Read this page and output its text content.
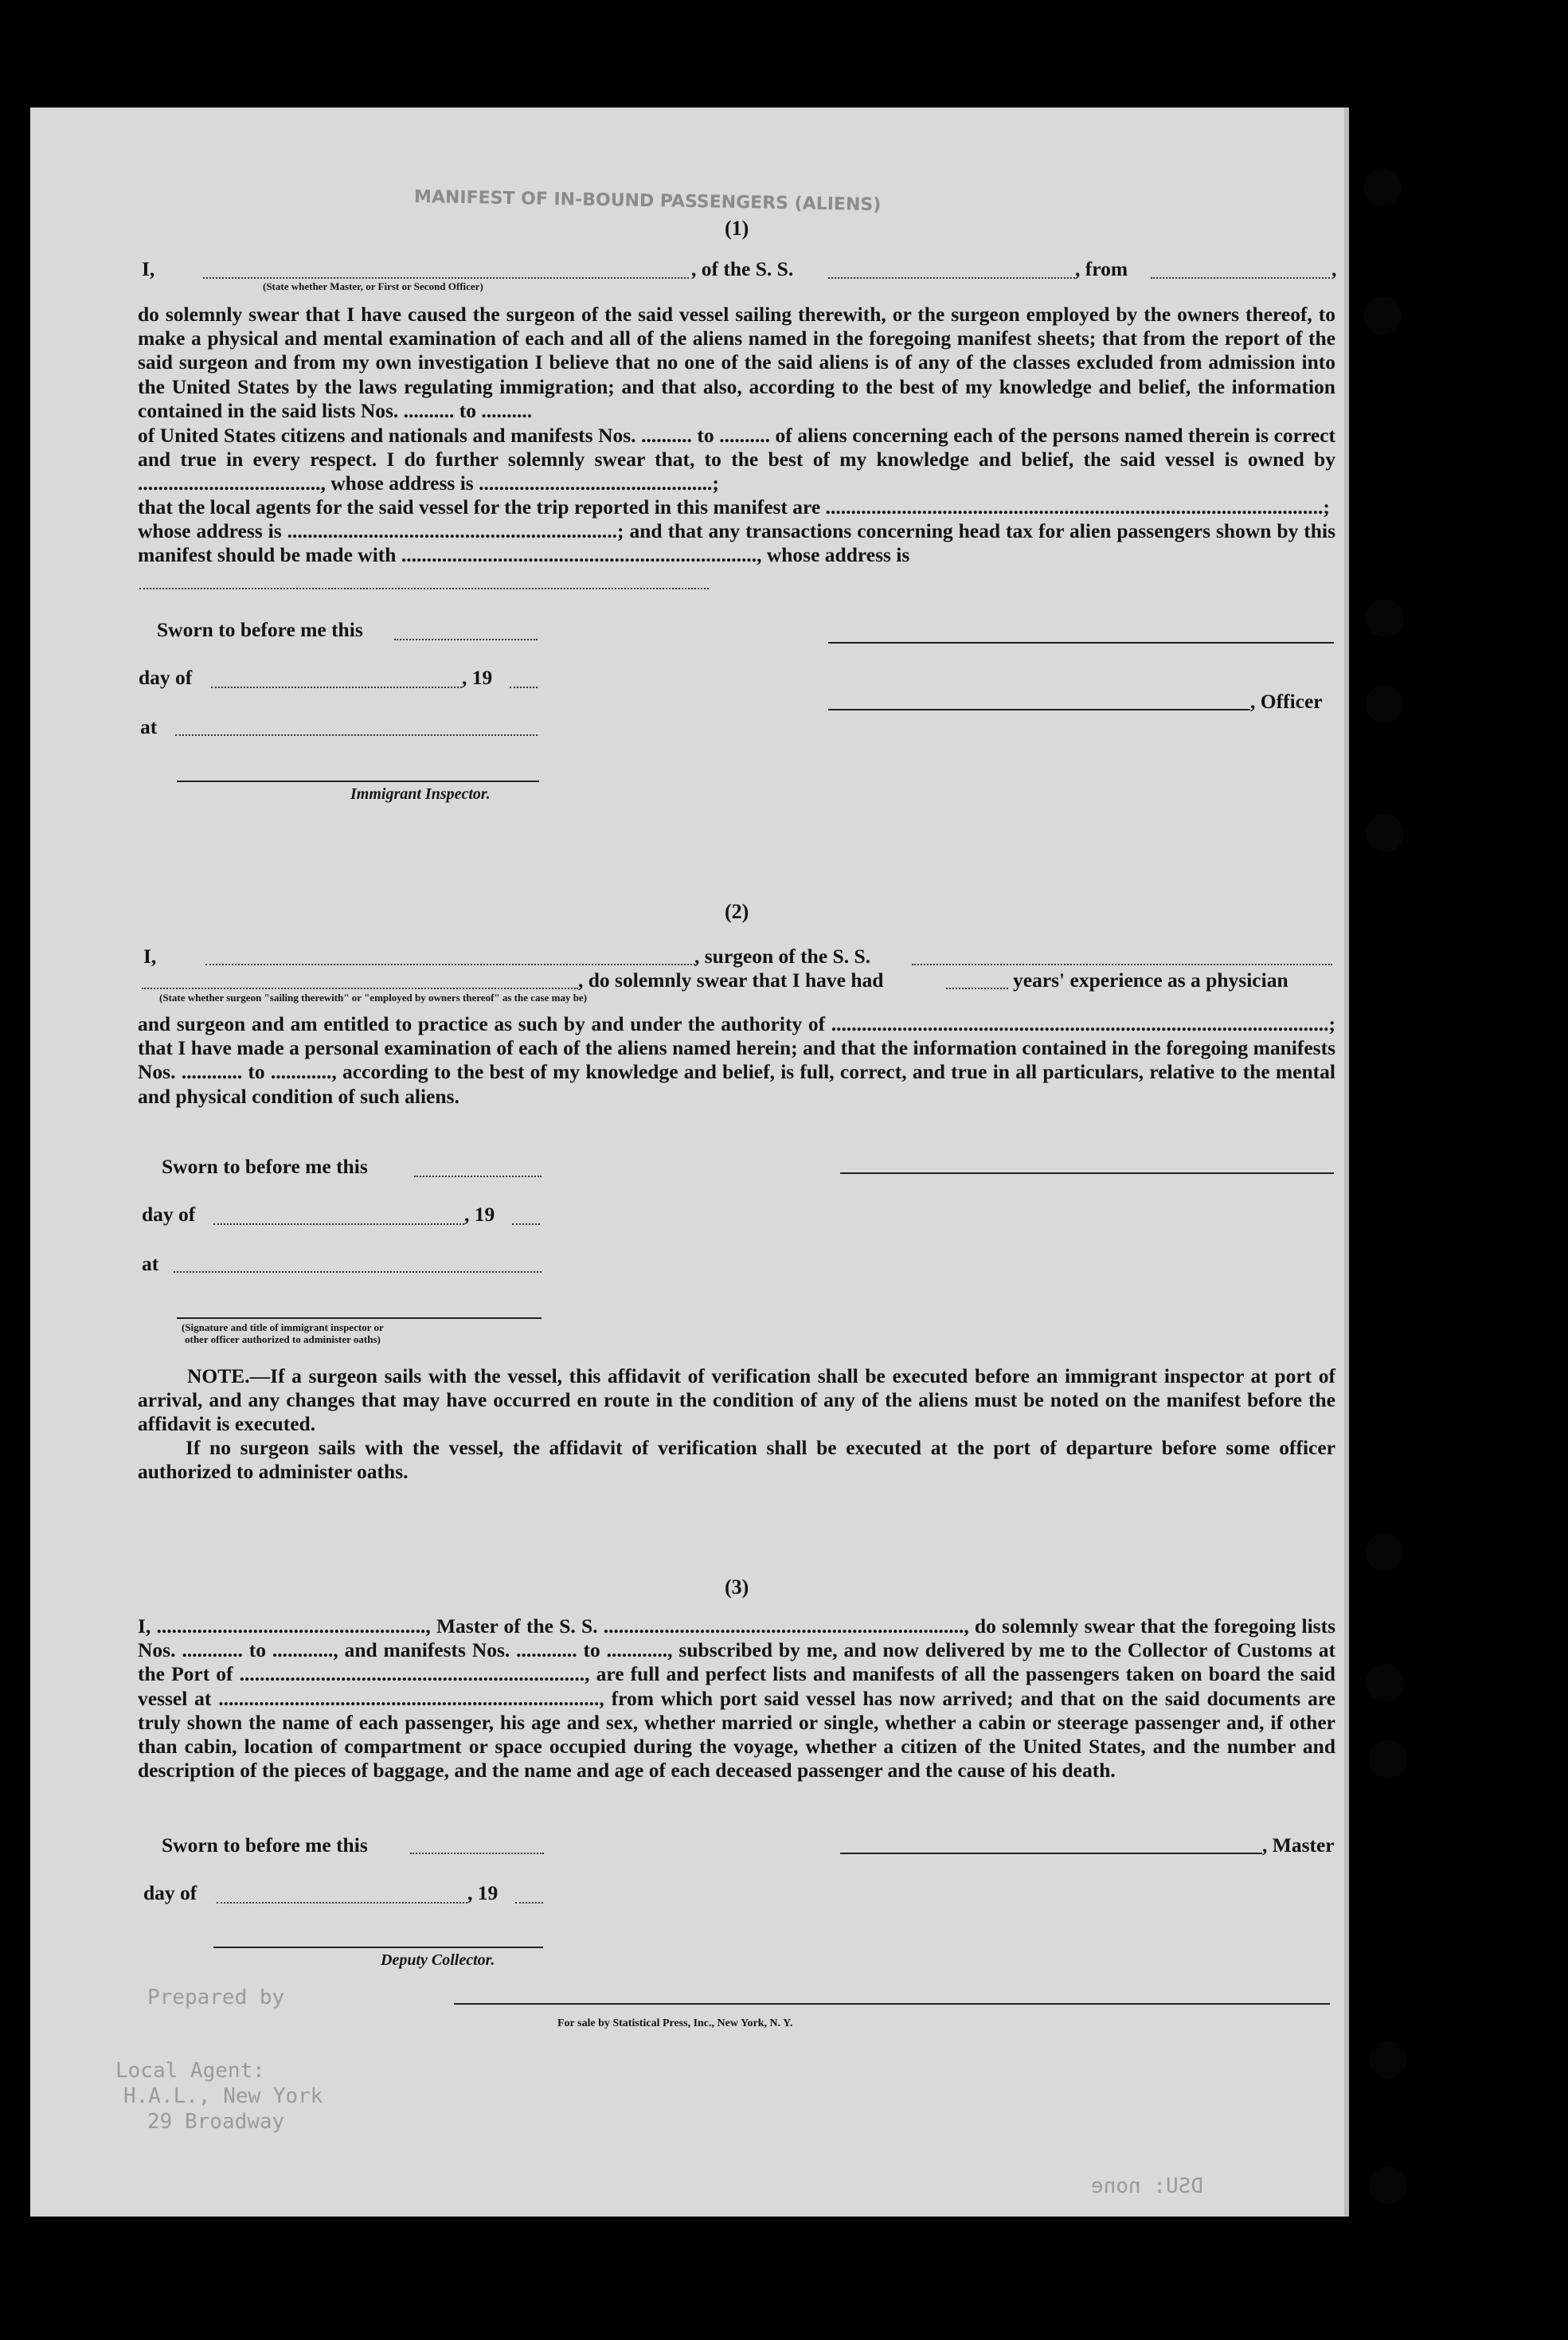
MANIFEST OF IN-BOUND PASSENGERS (ALIENS)
(1)
I,	, of the S. S.	, from	,
(State whether Master, or First or Second Officer)
do solemnly swear that I have caused the surgeon of the said vessel sailing therewith, or the surgeon employed by the owners thereof, to make a physical and mental examination of each and all of the aliens named in the foregoing manifest sheets; that from the report of the said surgeon and from my own investigation I believe that no one of the said aliens is of any of the classes excluded from admission into the United States by the laws regulating immigration; and that also, according to the best of my knowledge and belief, the information contained in the said lists Nos. .......... to ..........
of United States citizens and nationals and manifests Nos. .......... to .......... of aliens concerning each of the persons named therein is correct and true in every respect. I do further solemnly swear that, to the best of my knowledge and belief, the said vessel is owned by ...................................., whose address is ..............................................;
that the local agents for the said vessel for the trip reported in this manifest are ..................................................................................................;
whose address is .................................................................; and that any transactions concerning head tax for alien passengers shown by this manifest should be made with ......................................................................, whose address is
Sworn to before me this
day of	, 19
at
Immigrant Inspector.
, Officer
(2)
I,	, surgeon of the S. S.
, do solemnly swear that I have had	years' experience as a physician
(State whether surgeon "sailing therewith" or "employed by owners thereof" as the case may be)
and surgeon and am entitled to practice as such by and under the authority of ..................................................................................................; that I have made a personal examination of each of the aliens named herein; and that the information contained in the foregoing manifests Nos. ............ to ............, according to the best of my knowledge and belief, is full, correct, and true in all particulars, relative to the mental and physical condition of such aliens.
Sworn to before me this
day of	, 19
at
(Signature and title of immigrant inspector or
other officer authorized to administer oaths)
NOTE.—If a surgeon sails with the vessel, this affidavit of verification shall be executed before an immigrant inspector at port of arrival, and any changes that may have occurred en route in the condition of any of the aliens must be noted on the manifest before the affidavit is executed.
If no surgeon sails with the vessel, the affidavit of verification shall be executed at the port of departure before some officer authorized to administer oaths.
(3)
I, ....................................................., Master of the S. S. ......................................................................., do solemnly swear that the foregoing lists Nos. ............ to ............, and manifests Nos. ............ to ............, subscribed by me, and now delivered by me to the Collector of Customs at the Port of ...................................................................., are full and perfect lists and manifests of all the passengers taken on board the said vessel at ..........................................................................., from which port said vessel has now arrived; and that on the said documents are truly shown the name of each passenger, his age and sex, whether married or single, whether a cabin or steerage passenger and, if other than cabin, location of compartment or space occupied during the voyage, whether a citizen of the United States, and the number and description of the pieces of baggage, and the name and age of each deceased passenger and the cause of his death.
Sworn to before me this	, Master
day of	, 19
Deputy Collector.
For sale by Statistical Press, Inc., New York, N. Y.
Prepared by
Local Agent:
H.A.L., New York
29 Broadway
DSU: none
